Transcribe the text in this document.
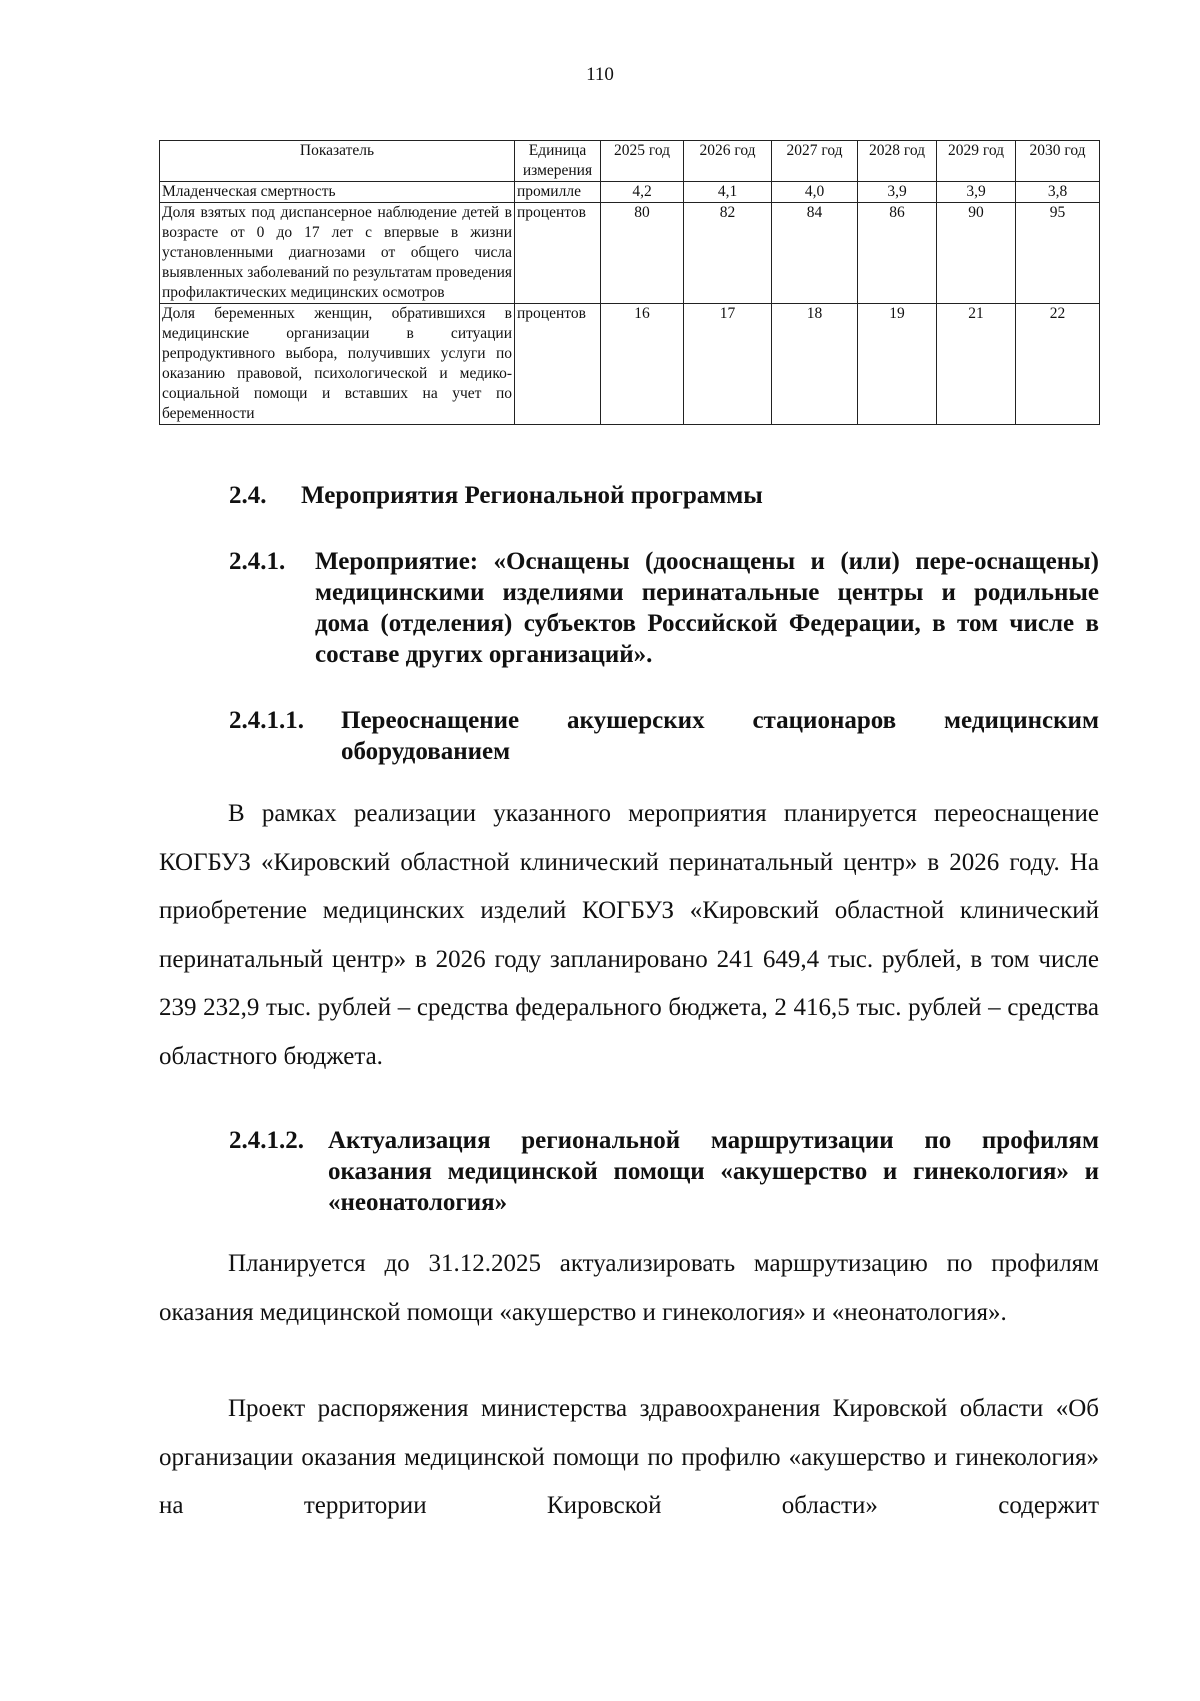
110
Показатель	Единица измерения	2025 год	2026 год	2027 год	2028 год	2029 год	2030 год
Младенческая смертность	промилле	4,2	4,1	4,0	3,9	3,9	3,8
Доля взятых под диспансерное наблюдение детей в возрасте от 0 до 17 лет с впервые в жизни установленными диагнозами от общего числа выявленных заболеваний по результатам проведения профилактических медицинских осмотров	процентов	80	82	84	86	90	95
Доля беременных женщин, обратившихся в медицинские организации в ситуации репродуктивного выбора, получивших услуги по оказанию правовой, психологической и медико-социальной помощи и вставших на учет по беременности	процентов	16	17	18	19	21	22
2.4.	Мероприятия Региональной программы
2.4.1.	Мероприятие: «Оснащены (дооснащены и (или) пере-оснащены) медицинскими изделиями перинатальные центры и родильные дома (отделения) субъектов Российской Федерации, в том числе в составе других организаций».
2.4.1.1.	Переоснащение акушерских стационаров медицинским оборудованием
В рамках реализации указанного мероприятия планируется переоснащение КОГБУЗ «Кировский областной клинический перинатальный центр» в 2026 году. На приобретение медицинских изделий КОГБУЗ «Кировский областной клинический перинатальный центр» в 2026 году запланировано 241 649,4 тыс. рублей, в том числе 239 232,9 тыс. рублей – средства федерального бюджета, 2 416,5 тыс. рублей – средства областного бюджета.
2.4.1.2. Актуализация региональной маршрутизации по профилям оказания медицинской помощи «акушерство и гинекология» и «неонатология»
Планируется до 31.12.2025 актуализировать маршрутизацию по профилям оказания медицинской помощи «акушерство и гинекология» и «неонатология».
Проект распоряжения министерства здравоохранения Кировской области «Об организации оказания медицинской помощи по профилю «акушерство и гинекология» на территории Кировской области» содержит
